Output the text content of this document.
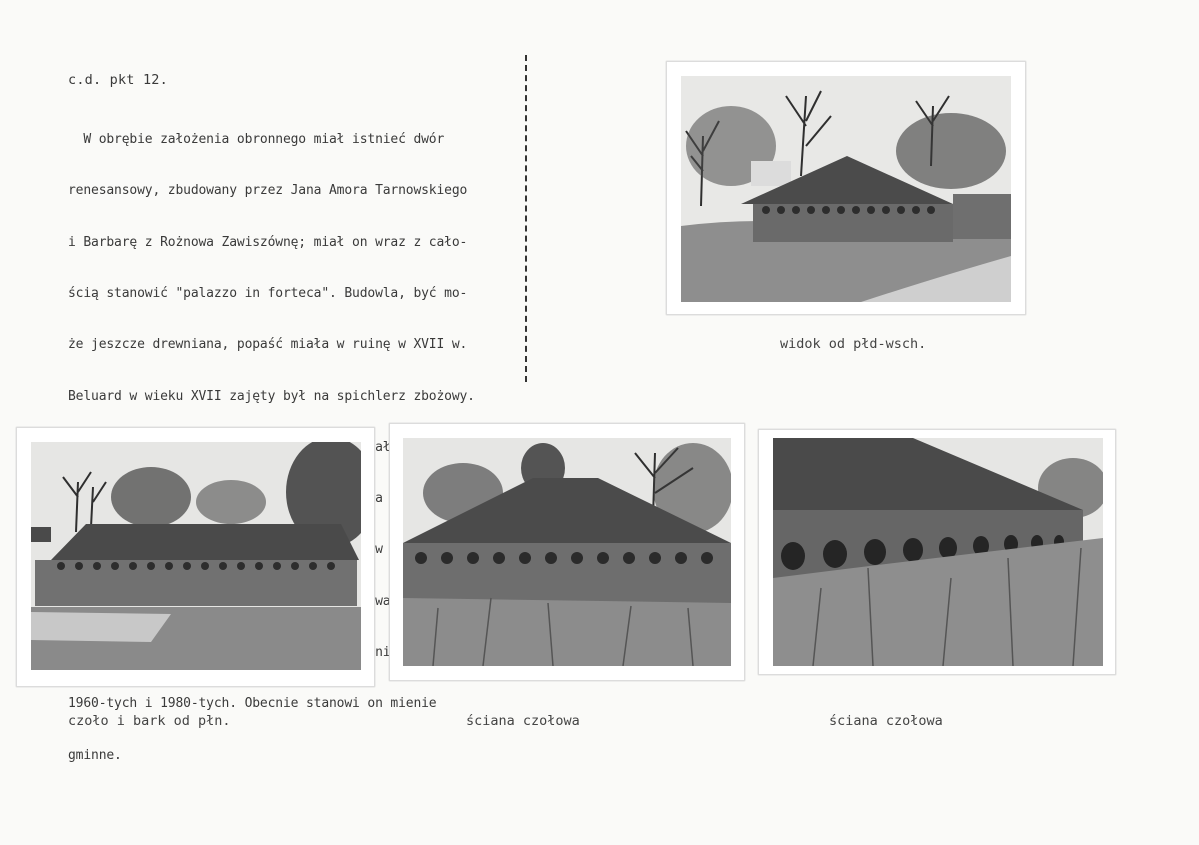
c.d. pkt 12.

W obrębie założenia obronnego miał istnieć dwór

renesansowy, zbudowany przez Jana Amora Tarnowskiego

i Barbarę z Rożnowa Zawiszównę; miał on wraz z cało-

ścią stanowić "palazzo in forteca". Budowla, być mo-

że jeszcze drewniana, popaść miała w ruinę w XVII w.

Beluard w wieku XVII zajęty był na spichlerz zbożowy.

miał

na

w

konserwatorskie

nim

1960-tych i 1980-tych. Obecnie stanowi on mienie

gminne.

widok od płd-wsch.
czoło i bark od płn.	ściana czołowa	ściana czołowa
